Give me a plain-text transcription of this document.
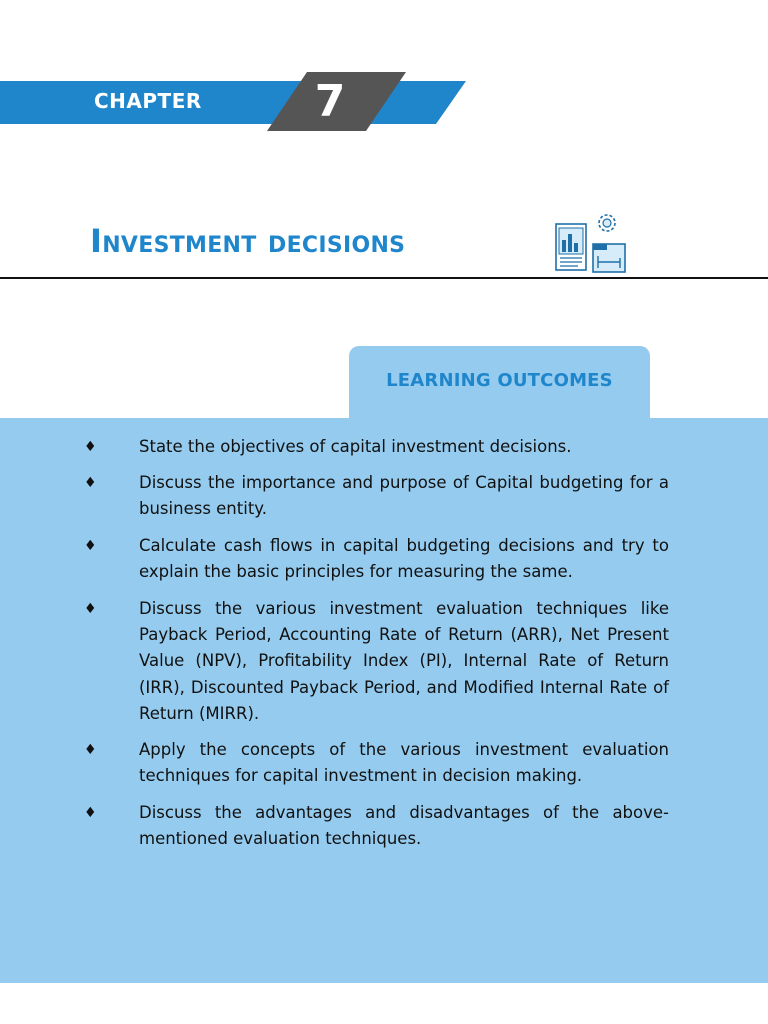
CHAPTER	7
Investment decisions
♦	State the objectives of capital investment decisions.

♦	Discuss the importance and purpose of Capital budgeting for a business entity.

♦	Calculate cash flows in capital budgeting decisions and try to explain the basic principles for measuring the same.

♦	Discuss the various investment evaluation techniques like Payback Period, Accounting Rate of Return (ARR), Net Present Value (NPV), Profitability Index (PI), Internal Rate of Return (IRR), Discounted Payback Period, and Modified Internal Rate of Return (MIRR).

♦	Apply the concepts of the various investment evaluation techniques for capital investment in decision making.

♦	Discuss the advantages and disadvantages of the above-mentioned evaluation techniques.

LEARNING OUTCOMES
